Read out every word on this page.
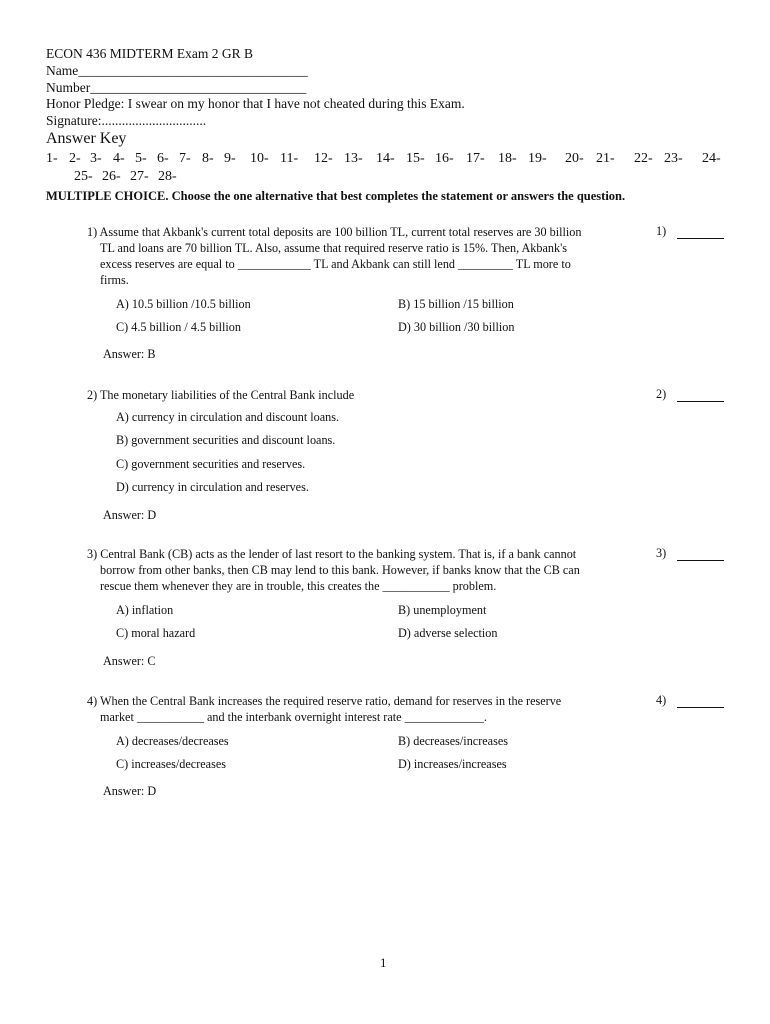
ECON 436 MIDTERM Exam 2 GR B
Name__________________________________
Number________________________________
Honor Pledge: I swear on my honor that I have not cheated during this Exam.
Signature:...............................
Answer Key
1- 2- 3- 4- 5- 6- 7- 8- 9- 10- 11- 12- 13- 14- 15- 16- 17- 18- 19- 20- 21- 22- 23- 24-
25- 26- 27- 28-
MULTIPLE CHOICE. Choose the one alternative that best completes the statement or answers the question.
1) Assume that Akbank's current total deposits are 100 billion TL, current total reserves are 30 billion
TL and loans are 70 billion TL. Also, assume that required reserve ratio is 15%. Then, Akbank's
excess reserves are equal to ____________ TL and Akbank can still lend _________ TL more to
firms.
1)
A) 10.5 billion /10.5 billion	B) 15 billion /15 billion
C) 4.5 billion / 4.5 billion	D) 30 billion /30 billion
Answer: B
2) The monetary liabilities of the Central Bank include	2)
A) currency in circulation and discount loans.
B) government securities and discount loans.
C) government securities and reserves.
D) currency in circulation and reserves.
Answer: D
3) Central Bank (CB) acts as the lender of last resort to the banking system. That is, if a bank cannot
borrow from other banks, then CB may lend to this bank. However, if banks know that the CB can
rescue them whenever they are in trouble, this creates the ___________ problem.
3)
A) inflation	B) unemployment
C) moral hazard	D) adverse selection
Answer: C
4) When the Central Bank increases the required reserve ratio, demand for reserves in the reserve
market ___________ and the interbank overnight interest rate _____________.
4)
A) decreases/decreases	B) decreases/increases
C) increases/decreases	D) increases/increases
Answer: D
1
